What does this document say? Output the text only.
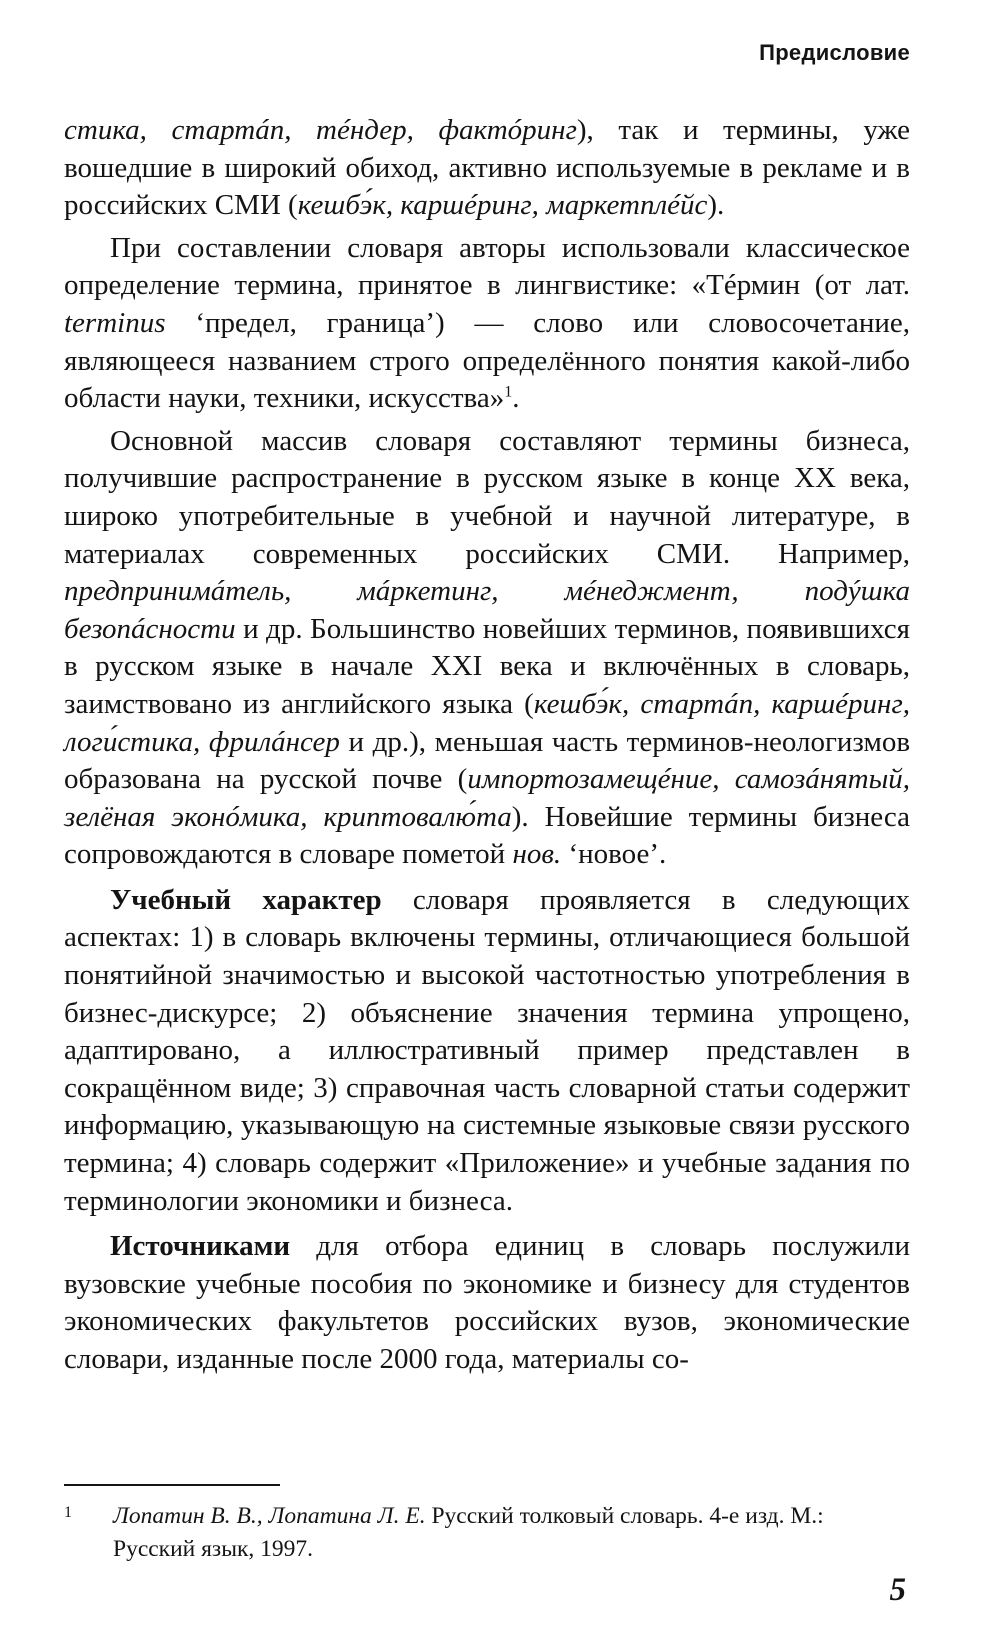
Предисловие

стика, стартáп, тéндер, фактóринг), так и термины, уже вошедшие в широкий обиход, активно используемые в рекламе и в российских СМИ (кешбэ́к, каршéринг, маркетплéйс).

При составлении словаря авторы использовали классическое определение термина, принятое в лингвистике: «Тéрмин (от лат. terminus ‘предел, граница’) — слово или словосочетание, являющееся названием строго определённого понятия какой-либо области науки, техники, искусства»$^1$.

Основной массив словаря составляют термины бизнеса, получившие распространение в русском языке в конце XX века, широко употребительные в учебной и научной литературе, в материалах современных российских СМИ. Например, предпринимáтель, мáркетинг, мéнеджмент, подýшка безопáсности и др. Большинство новейших терминов, появившихся в русском языке в начале XXI века и включённых в словарь, заимствовано из английского языка (кешбэ́к, стартáп, каршéринг, логи́стика, фрилáнсер и др.), меньшая часть терминов-неологизмов образована на русской почве (импортозамещéние, самозáнятый, зелёная эконóмика, криптовалю́та). Новейшие термины бизнеса сопровождаются в словаре пометой нов. ‘новое’.

Учебный характер словаря проявляется в следующих аспектах: 1) в словарь включены термины, отличающиеся большой понятийной значимостью и высокой частотностью употребления в бизнес-дискурсе; 2) объяснение значения термина упрощено, адаптировано, а иллюстративный пример представлен в сокращённом виде; 3) справочная часть словарной статьи содержит информацию, указывающую на системные языковые связи русского термина; 4) словарь содержит «Приложение» и учебные задания по терминологии экономики и бизнеса.

Источниками для отбора единиц в словарь послужили вузовские учебные пособия по экономике и бизнесу для студентов экономических факультетов российских вузов, экономические словари, изданные после 2000 года, материалы со-

1 Лопатин В. В., Лопатина Л. Е. Русский толковый словарь. 4-е изд. М.: Русский язык, 1997.
5
